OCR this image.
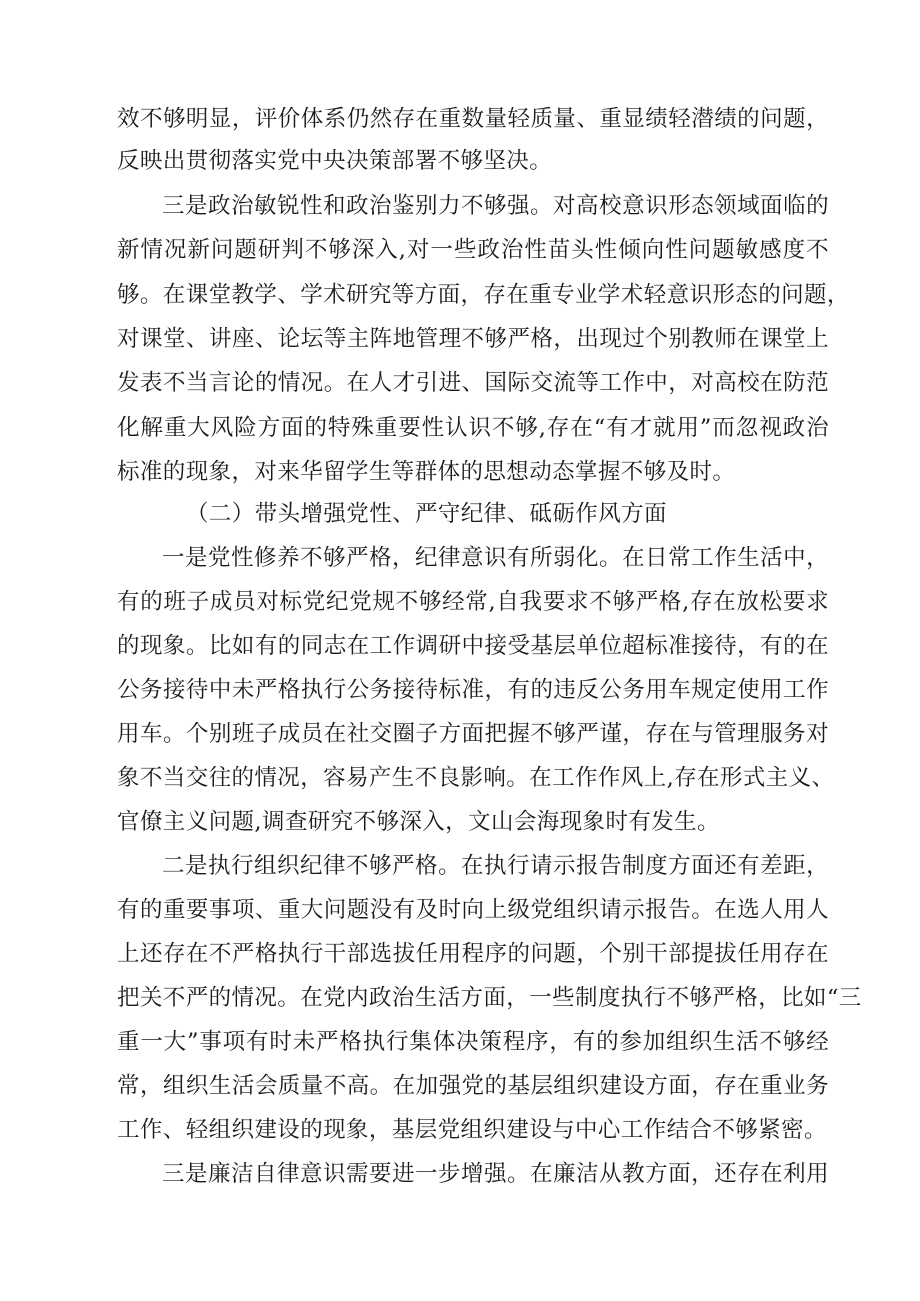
效不够明显，评价体系仍然存在重数量轻质量、重显绩轻潜绩的问题，
反映出贯彻落实党中央决策部署不够坚决。
三是政治敏锐性和政治鉴别力不够强。对高校意识形态领域面临的
新情况新问题研判不够深入,对一些政治性苗头性倾向性问题敏感度不
够。在课堂教学、学术研究等方面，存在重专业学术轻意识形态的问题，
对课堂、讲座、论坛等主阵地管理不够严格，出现过个别教师在课堂上
发表不当言论的情况。在人才引进、国际交流等工作中，对高校在防范
化解重大风险方面的特殊重要性认识不够,存在“有才就用”而忽视政治
标准的现象，对来华留学生等群体的思想动态掌握不够及时。
（二）带头增强党性、严守纪律、砥砺作风方面
一是党性修养不够严格，纪律意识有所弱化。在日常工作生活中，
有的班子成员对标党纪党规不够经常,自我要求不够严格,存在放松要求
的现象。比如有的同志在工作调研中接受基层单位超标准接待，有的在
公务接待中未严格执行公务接待标准，有的违反公务用车规定使用工作
用车。个别班子成员在社交圈子方面把握不够严谨，存在与管理服务对
象不当交往的情况，容易产生不良影响。在工作作风上,存在形式主义、
官僚主义问题,调查研究不够深入，文山会海现象时有发生。
二是执行组织纪律不够严格。在执行请示报告制度方面还有差距，
有的重要事项、重大问题没有及时向上级党组织请示报告。在选人用人
上还存在不严格执行干部选拔任用程序的问题，个别干部提拔任用存在
把关不严的情况。在党内政治生活方面，一些制度执行不够严格，比如“三
重一大”事项有时未严格执行集体决策程序，有的参加组织生活不够经
常，组织生活会质量不高。在加强党的基层组织建设方面，存在重业务
工作、轻组织建设的现象，基层党组织建设与中心工作结合不够紧密。
三是廉洁自律意识需要进一步增强。在廉洁从教方面，还存在利用
